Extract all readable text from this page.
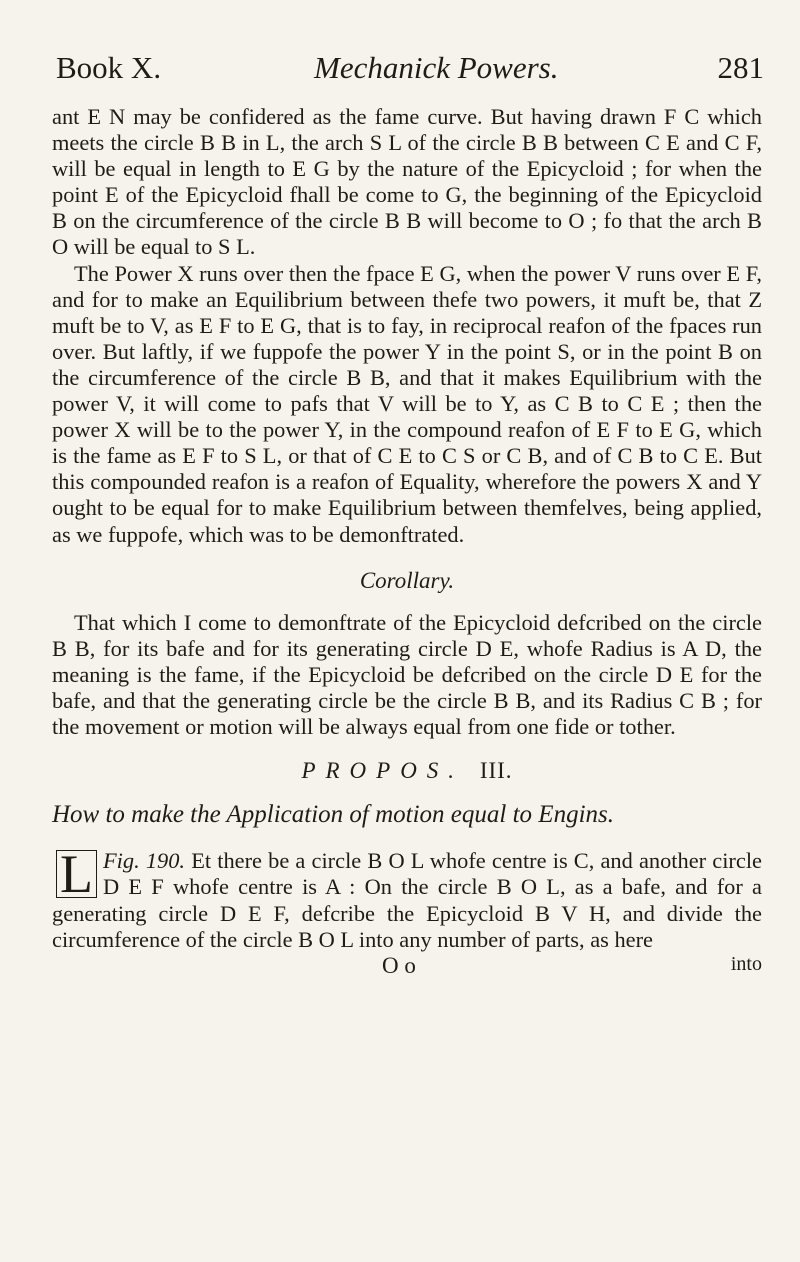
Book X.	Mechanick Powers.	281

ant E N may be confidered as the fame curve. But having drawn F C which meets the circle B B in L, the arch S L of the circle B B between C E and C F, will be equal in length to E G by the nature of the Epicycloid ; for when the point E of the Epicycloid fhall be come to G, the beginning of the Epicycloid B on the circumference of the circle B B will become to O ; fo that the arch B O will be equal to S L.

The Power X runs over then the fpace E G, when the power V runs over E F, and for to make an Equilibrium between thefe two powers, it muft be, that Z muft be to V, as E F to E G, that is to fay, in reciprocal reafon of the fpaces run over. But laftly, if we fuppofe the power Y in the point S, or in the point B on the circumference of the circle B B, and that it makes Equilibrium with the power V, it will come to pafs that V will be to Y, as C B to C E ; then the power X will be to the power Y, in the compound reafon of E F to E G, which is the fame as E F to S L, or that of C E to C S or C B, and of C B to C E. But this compounded reafon is a reafon of Equality, wherefore the powers X and Y ought to be equal for to make Equilibrium between themfelves, being applied, as we fuppofe, which was to be demonftrated.

Corollary.

That which I come to demonftrate of the Epicycloid defcribed on the circle B B, for its bafe and for its generating circle D E, whofe Radius is A D, the meaning is the fame, if the Epicycloid be defcribed on the circle D E for the bafe, and that the generating circle be the circle B B, and its Radius C B ; for the movement or motion will be always equal from one fide or tother.

PROPOS. III.
How to make the Application of motion equal to Engins.

Fig. 190.
L	Et there be a circle B O L whofe centre is C, and another circle D E F whofe centre is A : On the circle B O L, as a bafe, and for a generating circle D E F, defcribe the Epicycloid B V H, and divide the circumference of the circle B O L into any number of parts, as here

O o	into
